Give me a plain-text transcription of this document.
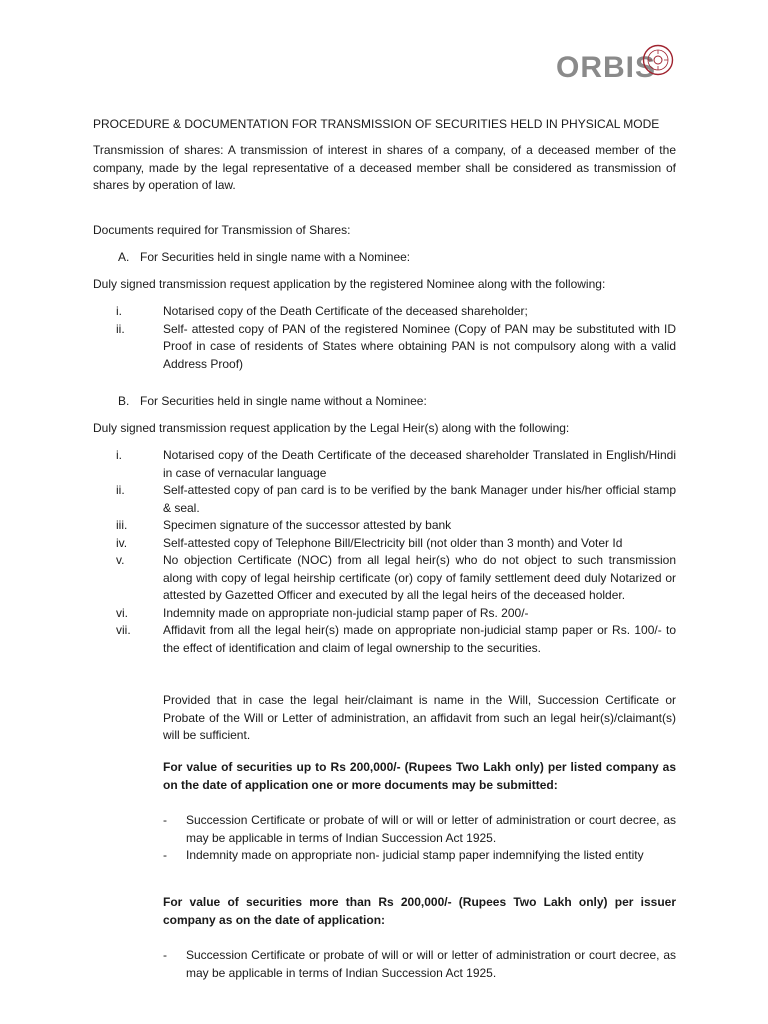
ORBIS
PROCEDURE & DOCUMENTATION FOR TRANSMISSION OF SECURITIES HELD IN PHYSICAL MODE
Transmission of shares: A transmission of interest in shares of a company, of a deceased member of the company, made by the legal representative of a deceased member shall be considered as transmission of shares by operation of law.
Documents required for Transmission of Shares:
A. For Securities held in single name with a Nominee:
Duly signed transmission request application by the registered Nominee along with the following:
i.	Notarised copy of the Death Certificate of the deceased shareholder;
ii.	Self- attested copy of PAN of the registered Nominee (Copy of PAN may be substituted with ID Proof in case of residents of States where obtaining PAN is not compulsory along with a valid Address Proof)
B. For Securities held in single name without a Nominee:
Duly signed transmission request application by the Legal Heir(s) along with the following:
i.	Notarised copy of the Death Certificate of the deceased shareholder Translated in English/Hindi in case of vernacular language
ii.	Self-attested copy of pan card is to be verified by the bank Manager under his/her official stamp & seal.
iii.	Specimen signature of the successor attested by bank
iv.	Self-attested copy of Telephone Bill/Electricity bill (not older than 3 month) and Voter Id
v.	No objection Certificate (NOC) from all legal heir(s) who do not object to such transmission along with copy of legal heirship certificate (or) copy of family settlement deed duly Notarized or attested by Gazetted Officer and executed by all the legal heirs of the deceased holder.
vi.	Indemnity made on appropriate non-judicial stamp paper of Rs. 200/-
vii.	Affidavit from all the legal heir(s) made on appropriate non-judicial stamp paper or Rs. 100/- to the effect of identification and claim of legal ownership to the securities.
Provided that in case the legal heir/claimant is name in the Will, Succession Certificate or Probate of the Will or Letter of administration, an affidavit from such an legal heir(s)/claimant(s) will be sufficient.
For value of securities up to Rs 200,000/- (Rupees Two Lakh only) per listed company as on the date of application one or more documents may be submitted:
-	Succession Certificate or probate of will or will or letter of administration or court decree, as may be applicable in terms of Indian Succession Act 1925.
-	Indemnity made on appropriate non- judicial stamp paper indemnifying the listed entity
For value of securities more than Rs 200,000/- (Rupees Two Lakh only) per issuer company as on the date of application:
-	Succession Certificate or probate of will or will or letter of administration or court decree, as may be applicable in terms of Indian Succession Act 1925.
